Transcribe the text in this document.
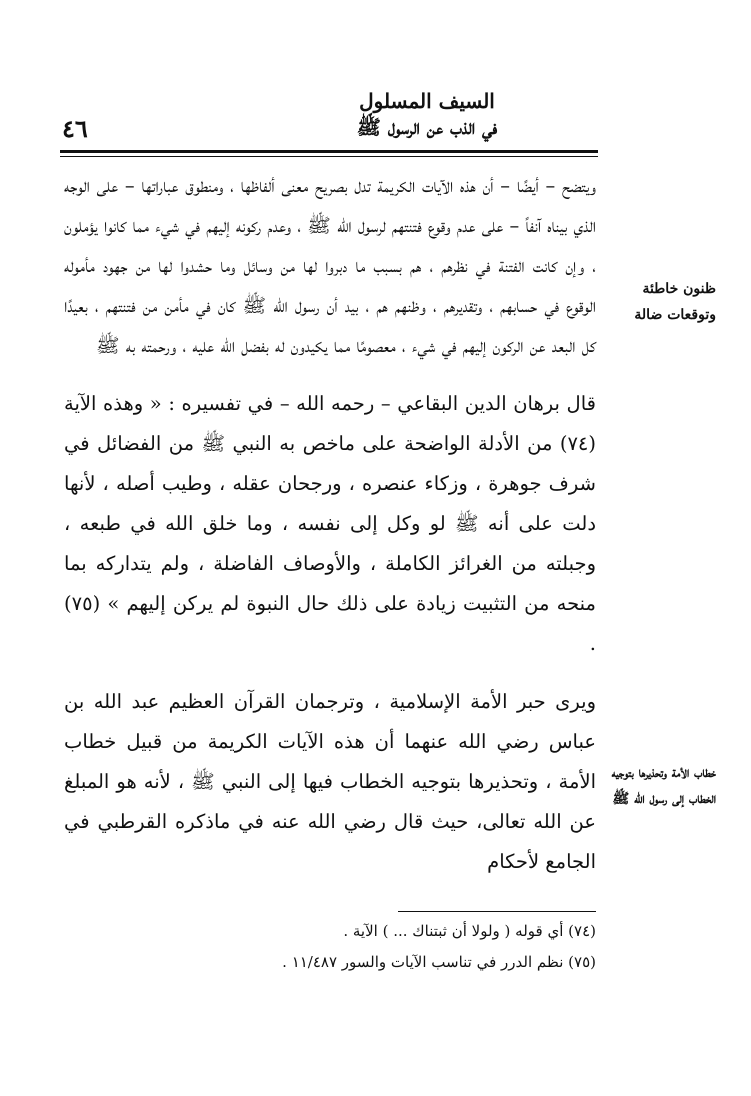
٤٦
السيف المسلول
في الذب عن الرسول ﷺ
ظنون خاطئة وتوقعات ضالة
خطاب الأمة وتحذيرها بتوجيه الخطاب إلى رسول الله ﷺ

ويتضح – أيضًا – أن هذه الآيات الكريمة تدل بصريح معنى ألفاظها ، ومنطوق عباراتها – على الوجه الذي بيناه آنفاً – على عدم وقوع فتنتهم لرسول الله ﷺ ، وعدم ركونه إليهم في شيء مما كانوا يؤملون ، وإن كانت الفتنة في نظرهم ، هم بسبب ما دبروا لها من وسائل وما حشدوا لها من جهود مأموله الوقوع في حسابهم ، وتقديرهم ، وظنهم هم ، بيد أن رسول الله ﷺ كان في مأمن من فتنتهم ، بعيدًا كل البعد عن الركون إليهم في شيء ، معصومًا مما يكيدون له بفضل الله عليه ، ورحمته به ﷺ

قال برهان الدين البقاعي – رحمه الله – في تفسيره : « وهذه الآية (٧٤) من الأدلة الواضحة على ماخص به النبي ﷺ من الفضائل في شرف جوهرة ، وزكاء عنصره ، ورجحان عقله ، وطيب أصله ، لأنها دلت على أنه ﷺ لو وكل إلى نفسه ، وما خلق الله في طبعه ، وجبلته من الغرائز الكاملة ، والأوصاف الفاضلة ، ولم يتداركه بما منحه من التثبيت زيادة على ذلك حال النبوة لم يركن إليهم » (٧٥) .

ويرى حبر الأمة الإسلامية ، وترجمان القرآن العظيم عبد الله بن عباس رضي الله عنهما أن هذه الآيات الكريمة من قبيل خطاب الأمة ، وتحذيرها بتوجيه الخطاب فيها إلى النبي ﷺ ، لأنه هو المبلغ عن الله تعالى، حيث قال رضي الله عنه في ماذكره القرطبي في الجامع لأحكام

(٧٤) أي قوله ( ولولا أن ثبتناك ... ) الآية .

(٧٥) نظم الدرر في تناسب الآيات والسور ١١/٤٨٧ .
